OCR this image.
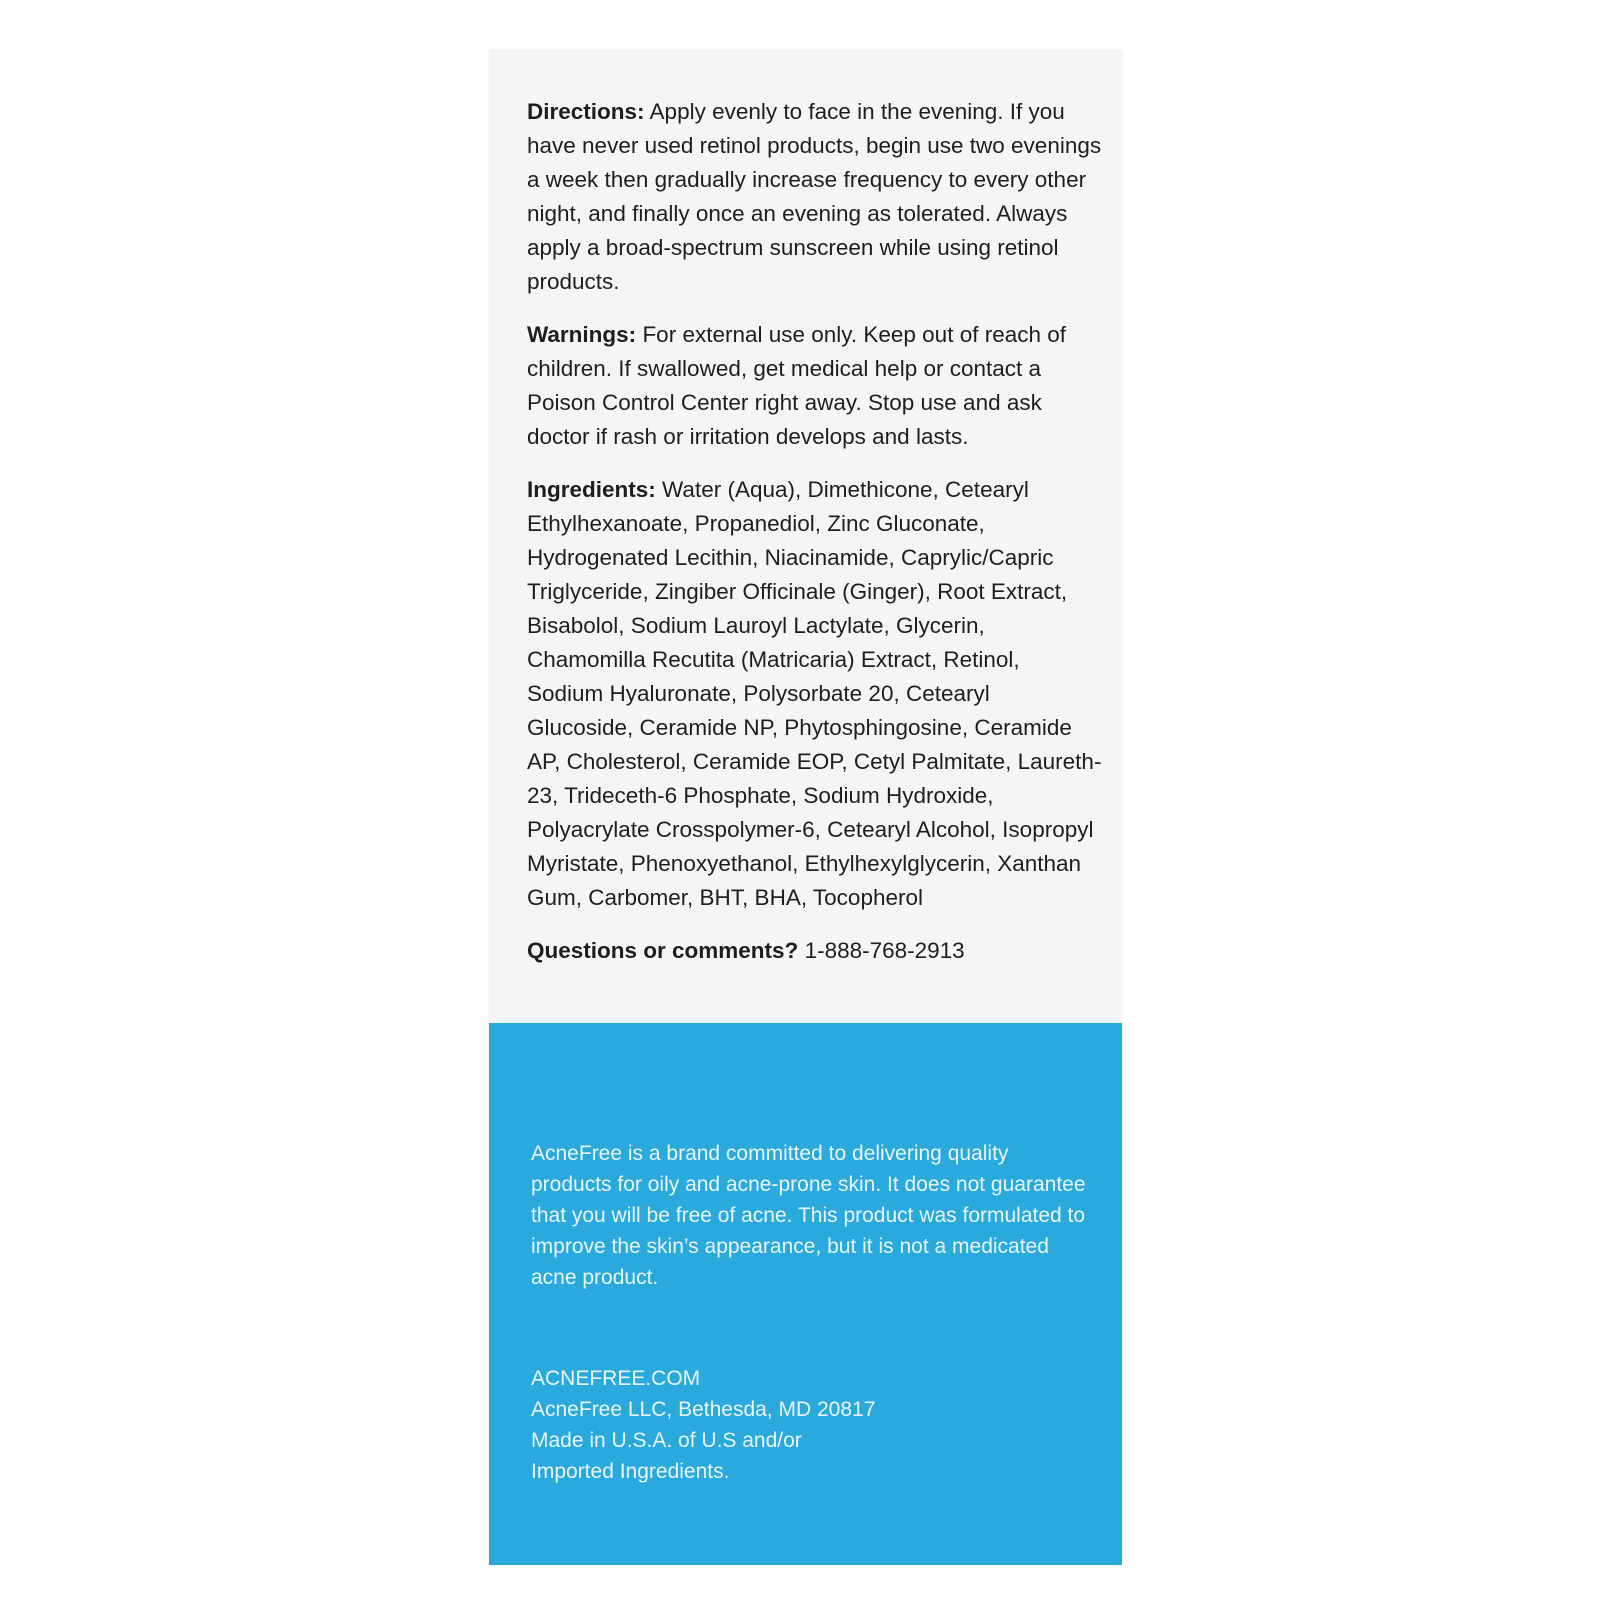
Directions: Apply evenly to face in the evening. If you have never used retinol products, begin use two evenings a week then gradually increase frequency to every other night, and finally once an evening as tolerated. Always apply a broad-spectrum sunscreen while using retinol products.

Warnings: For external use only. Keep out of reach of children. If swallowed, get medical help or contact a Poison Control Center right away. Stop use and ask doctor if rash or irritation develops and lasts.

Ingredients: Water (Aqua), Dimethicone, Cetearyl Ethylhexanoate, Propanediol, Zinc Gluconate, Hydrogenated Lecithin, Niacinamide, Caprylic/Capric Triglyceride, Zingiber Officinale (Ginger), Root Extract, Bisabolol, Sodium Lauroyl Lactylate, Glycerin, Chamomilla Recutita (Matricaria) Extract, Retinol, Sodium Hyaluronate, Polysorbate 20, Cetearyl Glucoside, Ceramide NP, Phytosphingosine, Ceramide AP, Cholesterol, Ceramide EOP, Cetyl Palmitate, Laureth-23, Trideceth-6 Phosphate, Sodium Hydroxide, Polyacrylate Crosspolymer-6, Cetearyl Alcohol, Isopropyl Myristate, Phenoxyethanol, Ethylhexylglycerin, Xanthan Gum, Carbomer, BHT, BHA, Tocopherol

Questions or comments? 1-888-768-2913

AcneFree is a brand committed to delivering quality products for oily and acne-prone skin. It does not guarantee that you will be free of acne. This product was formulated to improve the skin’s appearance, but it is not a medicated acne product.
ACNEFREE.COM
AcneFree LLC, Bethesda, MD 20817
Made in U.S.A. of U.S and/or
Imported Ingredients.
